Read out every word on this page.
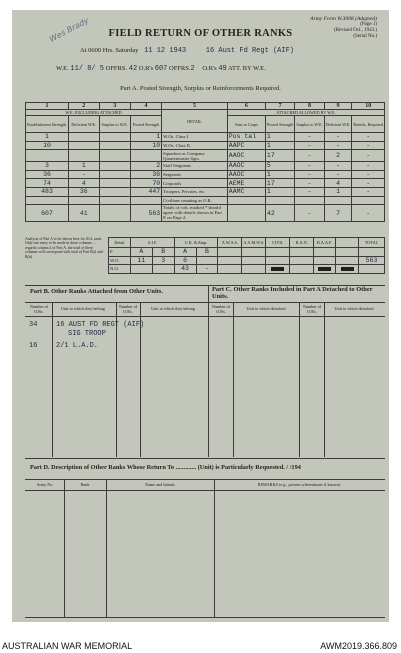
Army Form W.3008 (Adapted)
(Page 1)
(Revised Oct., 1943.)
(Serial No.)
FIELD RETURN OF OTHER RANKS
Wes Brady
At 0600 Hrs. Saturday 11 12 1943	16 Aust Fd Regt (AIF)
W.E. 11/ 8/ 5 OFFRS. 42 O.R's 607 OFFRS.2 O.R's 49 ATT. BY W.E.
Part A. Posted Strength, Surplus or Reinforcements Required.
1	2	3	4	5	6	7	8	9	10
W.E. EXCLUDING ATTACHED				DETAIL	ATTACHED ALLOWED BY W.E.				
Establishment Strength.	Deficient W.E.	Surplus to W.E.	Posted Strength		Arm or Corps	Posted Strength	Surplus to W.E.	Deficient W.E.	Reinfts. Required
1			1	W.Os. Class I.	Pos tal	1	-	-	-
10			10	W.Os. Class II.	AAPC	1	-	-	-
				Squadron or Company Quartermaster Sgts.	AAOC	17	-	2	-
3	1		2	Staff Sergeants	AAOC	5	-	-	-
36	-		36	Sergeants	AAOC	1	-	-	-
74	4		70	Corporals	AEME	17	-	4	-
483	36		447	Troopers, Privates, etc.	AAMC	1	-	1	-
				Civilians counting as O.R.					
607	41		563	Totals of cols. marked * should agree with details shown in Part E on Page 2.		42	-	7	-
Analysis of Part A to be shown here for ALL units. Only one entry to be made in these columns ... regards column 4 of Part A, the total of these columns will correspond with total of Part B(i) and B(ii).
Detail	A.I.F.		U.K. & Emp.		A.W.A.S.	A.A.M.W.S.	CIVIL	R.A.N.	R.A.A.F.		TOTAL
P	A	B	A	B							
W.O.	11	3	6								563
N.O.			43	-							
Part B. Other Ranks Attached from Other Units.	Part C. Other Ranks Included in Part A Detached to Other Units.
Number of O.Rs.
Unit to which they belong	Number of O.Rs.
Unit to which they belong	Number of O.Rs.
Unit to which detached	Number of O.Rs.
Unit to which detached
34	16 AUST FD REGT (AIF)
SIG TROOP
16	2/1 L.A.D.
Part D. Description of Other Ranks Whose Return To ............. (Unit) is Particularly Requested. / /194
Army No.	Rank	Name and Initials	REMARKS (e.g., present whereabouts if known)
AUSTRALIAN WAR MEMORIAL	AWM2019.366.809
